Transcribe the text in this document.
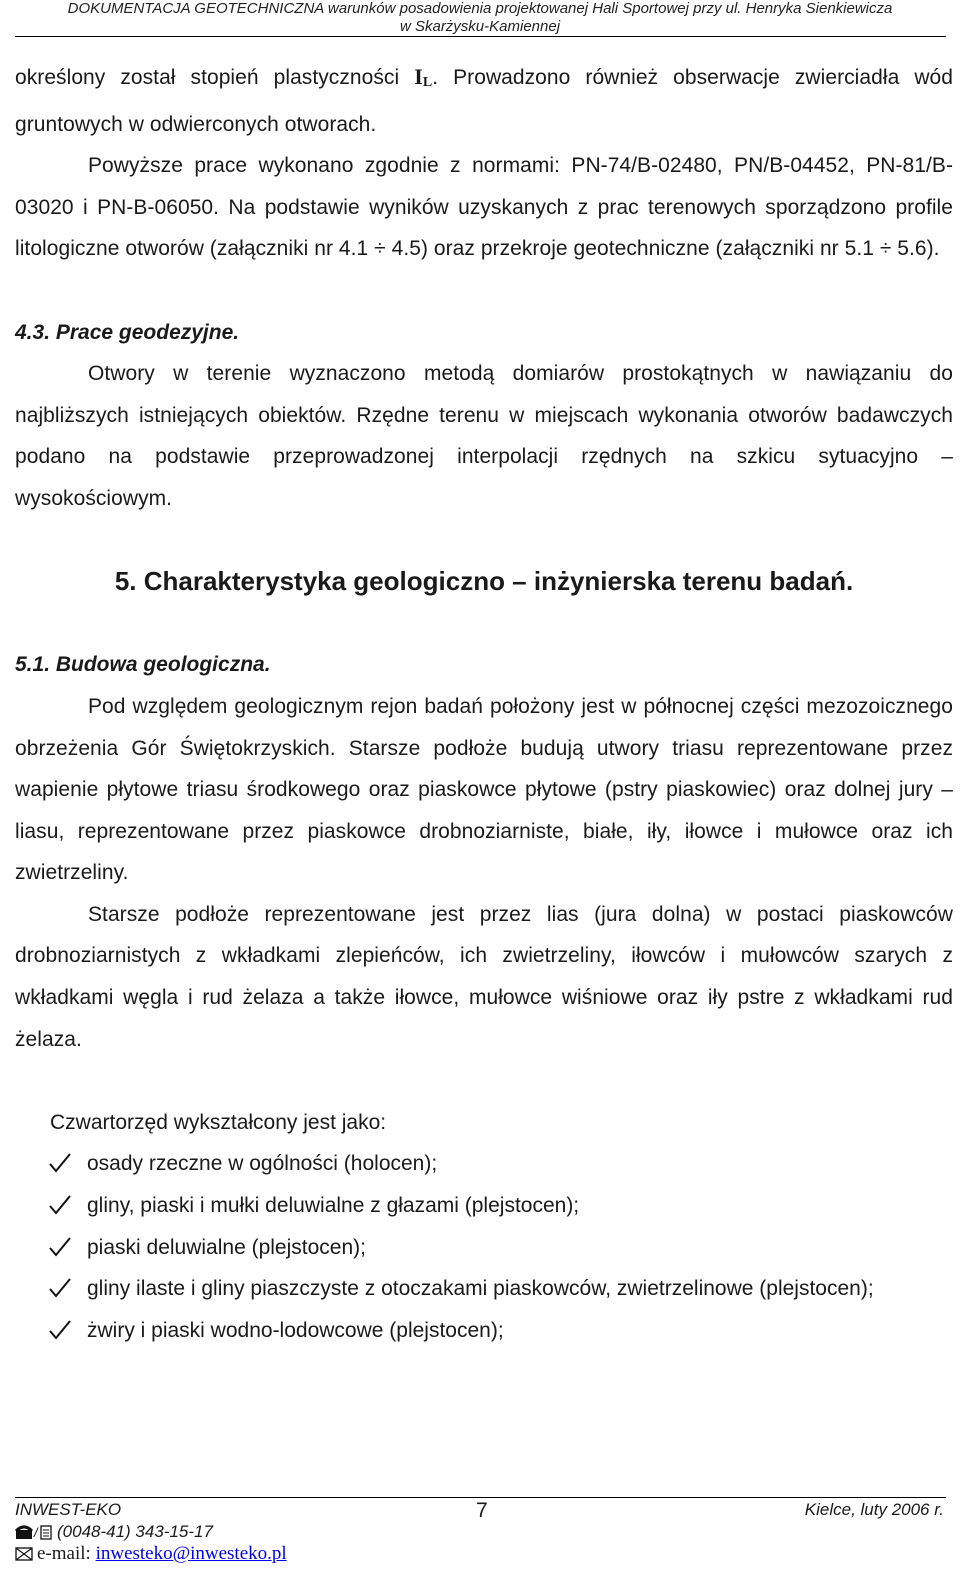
DOKUMENTACJA GEOTECHNICZNA warunków posadowienia projektowanej Hali Sportowej przy ul. Henryka Sienkiewicza
w Skarżysku-Kamiennej

określony został stopień plastyczności IL. Prowadzono również obserwacje zwierciadła wód gruntowych w odwierconych otworach.

Powyższe prace wykonano zgodnie z normami: PN-74/B-02480, PN/B-04452, PN-81/B-03020 i PN-B-06050. Na podstawie wyników uzyskanych z prac terenowych sporządzono profile litologiczne otworów (załączniki nr 4.1 ÷ 4.5) oraz przekroje geotechniczne (załączniki nr 5.1 ÷ 5.6).

4.3. Prace geodezyjne.

Otwory w terenie wyznaczono metodą domiarów prostokątnych w nawiązaniu do najbliższych istniejących obiektów. Rzędne terenu w miejscach wykonania otworów badawczych podano na podstawie przeprowadzonej interpolacji rzędnych na szkicu sytuacyjno – wysokościowym.

5. Charakterystyka geologiczno – inżynierska terenu badań.
5.1. Budowa geologiczna.

Pod względem geologicznym rejon badań położony jest w północnej części mezozoicznego obrzeżenia Gór Świętokrzyskich. Starsze podłoże budują utwory triasu reprezentowane przez wapienie płytowe triasu środkowego oraz piaskowce płytowe (pstry piaskowiec) oraz dolnej jury – liasu, reprezentowane przez piaskowce drobnoziarniste, białe, iły, iłowce i mułowce oraz ich zwietrzeliny.

Starsze podłoże reprezentowane jest przez lias (jura dolna) w postaci piaskowców drobnoziarnistych z wkładkami zlepieńców, ich zwietrzeliny, iłowców i mułowców szarych z wkładkami węgla i rud żelaza a także iłowce, mułowce wiśniowe oraz iły pstre z wkładkami rud żelaza.

Czwartorzęd wykształcony jest jako:

osady rzeczne w ogólności (holocen);
gliny, piaski i mułki deluwialne z głazami (plejstocen);
piaski deluwialne (plejstocen);
gliny ilaste i gliny piaszczyste z otoczakami piaskowców, zwietrzelinowe (plejstocen);
żwiry i piaski wodno-lodowcowe (plejstocen);
INWEST-EKO
/ (0048-41) 343-15-17
e-mail: inwesteko@inwesteko.pl
7	Kielce, luty 2006 r.
